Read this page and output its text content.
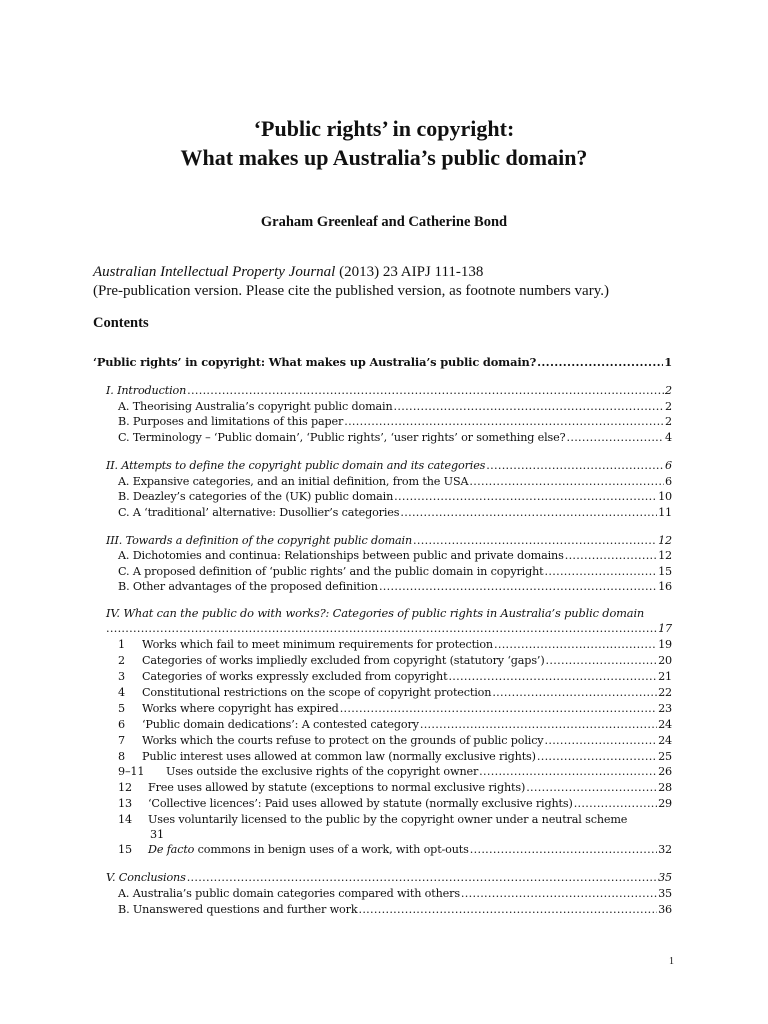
‘Public rights’ in copyright:
What makes up Australia’s public domain?
Graham Greenleaf and Catherine Bond
Australian Intellectual Property Journal (2013) 23 AIPJ 111-138
(Pre-publication version. Please cite the published version, as footnote numbers vary.)
Contents
‘Public rights’ in copyright: What makes up Australia’s public domain? .....	1
I. Introduction .....	2
A. Theorising Australia’s copyright public domain .....	2
B. Purposes and limitations of this paper .....	2
C. Terminology – ‘Public domain’, ‘Public rights’, ‘user rights’ or something else? .....	4
II. Attempts to define the copyright public domain and its categories .....	6
A. Expansive categories, and an initial definition, from the USA .....	6
B. Deazley’s categories of the (UK) public domain .....	10
C. A ‘traditional’ alternative: Dusollier’s categories .....	11
III. Towards a definition of the copyright public domain .....	12
A. Dichotomies and continua: Relationships between public and private domains .....	12
C. A proposed definition of ‘public rights’ and the public domain in copyright .....	15
B. Other advantages of the proposed definition .....	16
IV. What can the public do with works?: Categories of public rights in Australia’s public domain
.....
17
1 Works which fail to meet minimum requirements for protection .....	19
2 Categories of works impliedly excluded from copyright (statutory ‘gaps’) .....	20
3 Categories of works expressly excluded from copyright .....	21
4 Constitutional restrictions on the scope of copyright protection .....	22
5 Works where copyright has expired .....	23
6 ‘Public domain dedications’: A contested category .....	24
7 Works which the courts refuse to protect on the grounds of public policy .....	24
8 Public interest uses allowed at common law (normally exclusive rights) .....	25
9–11 Uses outside the exclusive rights of the copyright owner .....	26
12 Free uses allowed by statute (exceptions to normal exclusive rights) .....	28
13 ‘Collective licences’: Paid uses allowed by statute (normally exclusive rights) .....	29
14 Uses voluntarily licensed to the public by the copyright owner under a neutral scheme
31
15 De facto commons in benign uses of a work, with opt-outs .....	32
V. Conclusions .....	35
A. Australia’s public domain categories compared with others .....	35
B. Unanswered questions and further work .....	36
1
